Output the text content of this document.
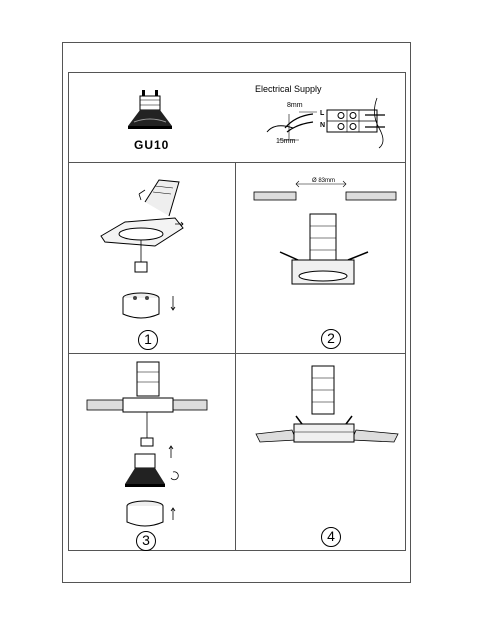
GU10
Electrical Supply
8mm
15mm
L
N
1
Ø 83mm
2
3	4
